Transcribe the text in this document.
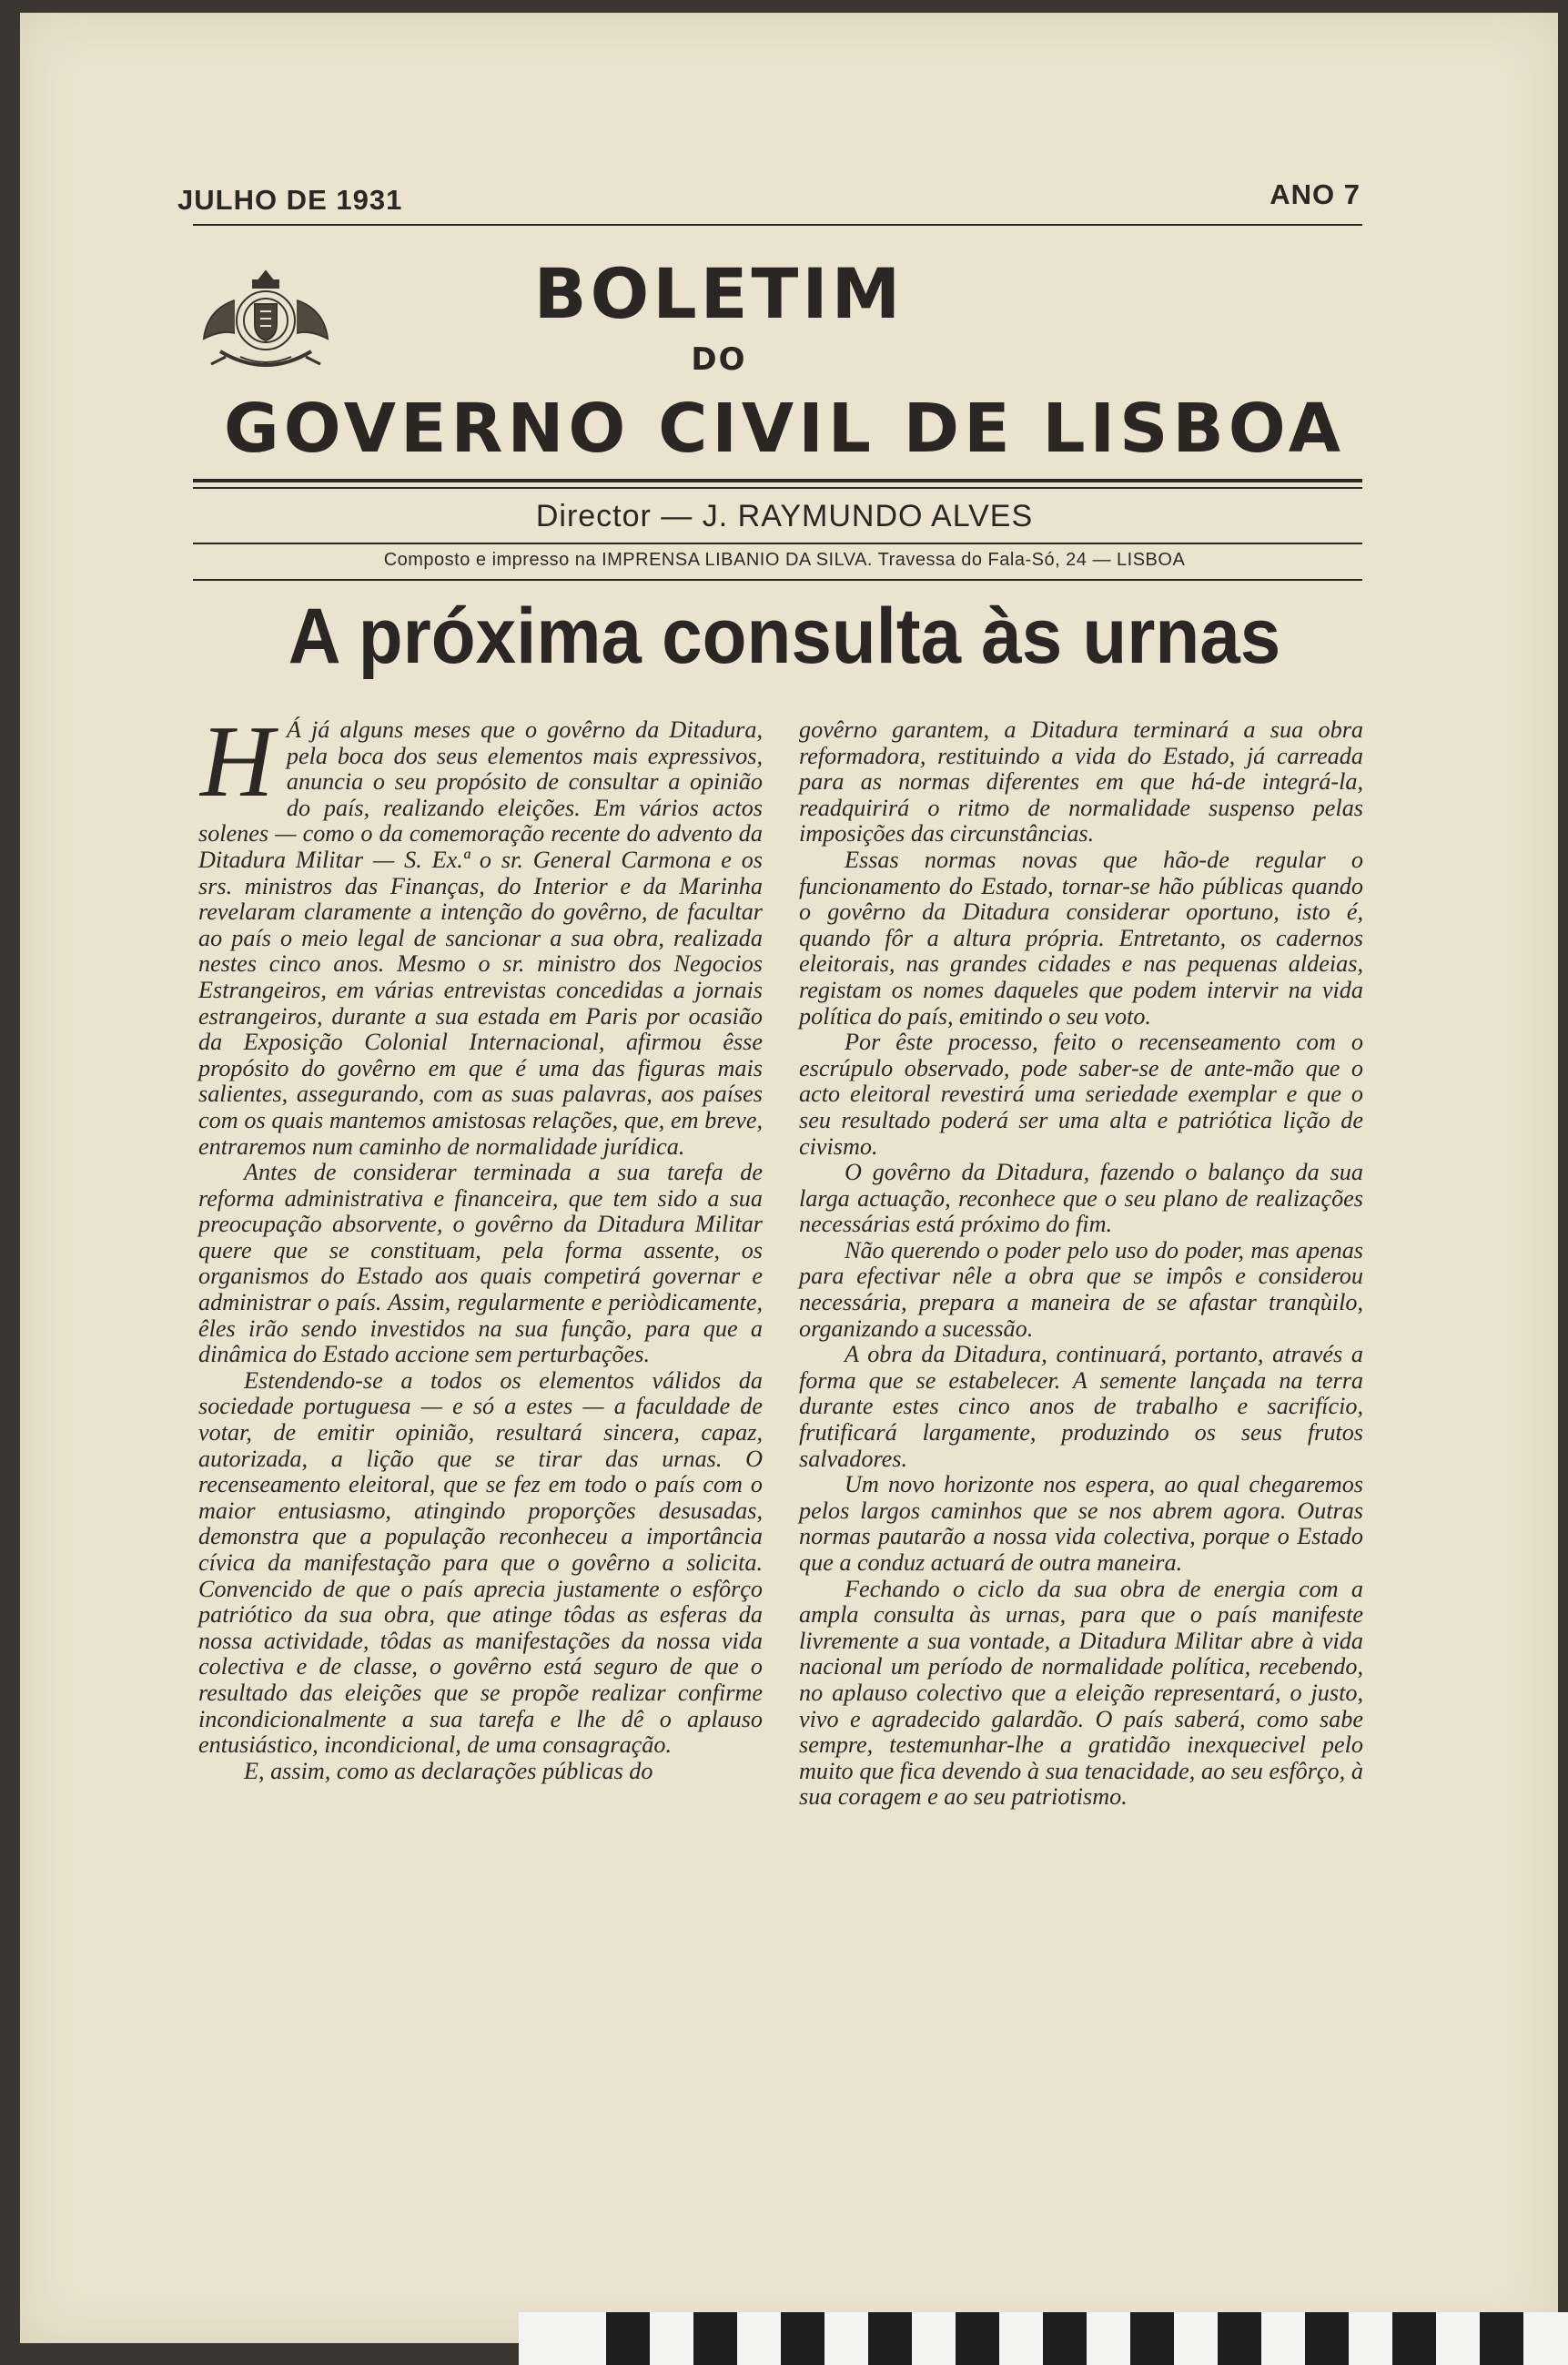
JULHO DE 1931	ANO 7
BOLETIM
DO
GOVERNO CIVIL DE LISBOA
Director — J. RAYMUNDO ALVES
Composto e impresso na IMPRENSA LIBANIO DA SILVA. Travessa do Fala-Só, 24 — LISBOA
A próxima consulta às urnas

H Á já alguns meses que o govêrno da Ditadura, pela boca dos seus elementos mais expressivos, anuncia o seu propósito de consultar a opinião do país, realizando eleições. Em vários actos solenes — como o da comemoração recente do advento da Ditadura Militar — S. Ex.ª o sr. General Carmona e os srs. ministros das Finanças, do Interior e da Marinha revelaram claramente a intenção do govêrno, de facultar ao país o meio legal de sancionar a sua obra, realizada nestes cinco anos. Mesmo o sr. ministro dos Negocios Estrangeiros, em várias entrevistas concedidas a jornais estrangeiros, durante a sua estada em Paris por ocasião da Exposição Colonial Internacional, afirmou êsse propósito do govêrno em que é uma das figuras mais salientes, assegurando, com as suas palavras, aos países com os quais mantemos amistosas relações, que, em breve, entraremos num caminho de normalidade jurídica.

Antes de considerar terminada a sua tarefa de reforma administrativa e financeira, que tem sido a sua preocupação absorvente, o govêrno da Ditadura Militar quere que se constituam, pela forma assente, os organismos do Estado aos quais competirá governar e administrar o país. Assim, regularmente e periòdicamente, êles irão sendo investidos na sua função, para que a dinâmica do Estado accione sem perturbações.

Estendendo-se a todos os elementos válidos da sociedade portuguesa — e só a estes — a faculdade de votar, de emitir opinião, resultará sincera, capaz, autorizada, a lição que se tirar das urnas. O recenseamento eleitoral, que se fez em todo o país com o maior entusiasmo, atingindo proporções desusadas, demonstra que a população reconheceu a importância cívica da manifestação para que o govêrno a solicita. Convencido de que o país aprecia justamente o esfôrço patriótico da sua obra, que atinge tôdas as esferas da nossa actividade, tôdas as manifestações da nossa vida colectiva e de classe, o govêrno está seguro de que o resultado das eleições que se propõe realizar confirme incondicionalmente a sua tarefa e lhe dê o aplauso entusiástico, incondicional, de uma consagração.

E, assim, como as declarações públicas do

govêrno garantem, a Ditadura terminará a sua obra reformadora, restituindo a vida do Estado, já carreada para as normas diferentes em que há-de integrá-la, readquirirá o ritmo de normalidade suspenso pelas imposições das circunstâncias.

Essas normas novas que hão-de regular o funcionamento do Estado, tornar-se hão públicas quando o govêrno da Ditadura considerar oportuno, isto é, quando fôr a altura própria. Entretanto, os cadernos eleitorais, nas grandes cidades e nas pequenas aldeias, registam os nomes daqueles que podem intervir na vida política do país, emitindo o seu voto.

Por êste processo, feito o recenseamento com o escrúpulo observado, pode saber-se de ante-mão que o acto eleitoral revestirá uma seriedade exemplar e que o seu resultado poderá ser uma alta e patriótica lição de civismo.

O govêrno da Ditadura, fazendo o balanço da sua larga actuação, reconhece que o seu plano de realizações necessárias está próximo do fim.

Não querendo o poder pelo uso do poder, mas apenas para efectivar nêle a obra que se impôs e considerou necessária, prepara a maneira de se afastar tranqùilo, organizando a sucessão.

A obra da Ditadura, continuará, portanto, através a forma que se estabelecer. A semente lançada na terra durante estes cinco anos de trabalho e sacrifício, frutificará largamente, produzindo os seus frutos salvadores.

Um novo horizonte nos espera, ao qual chegaremos pelos largos caminhos que se nos abrem agora. Outras normas pautarão a nossa vida colectiva, porque o Estado que a conduz actuará de outra maneira.

Fechando o ciclo da sua obra de energia com a ampla consulta às urnas, para que o país manifeste livremente a sua vontade, a Ditadura Militar abre à vida nacional um período de normalidade política, recebendo, no aplauso colectivo que a eleição representará, o justo, vivo e agradecido galardão. O país saberá, como sabe sempre, testemunhar-lhe a gratidão inexquecivel pelo muito que fica devendo à sua tenacidade, ao seu esfôrço, à sua coragem e ao seu patriotismo.
